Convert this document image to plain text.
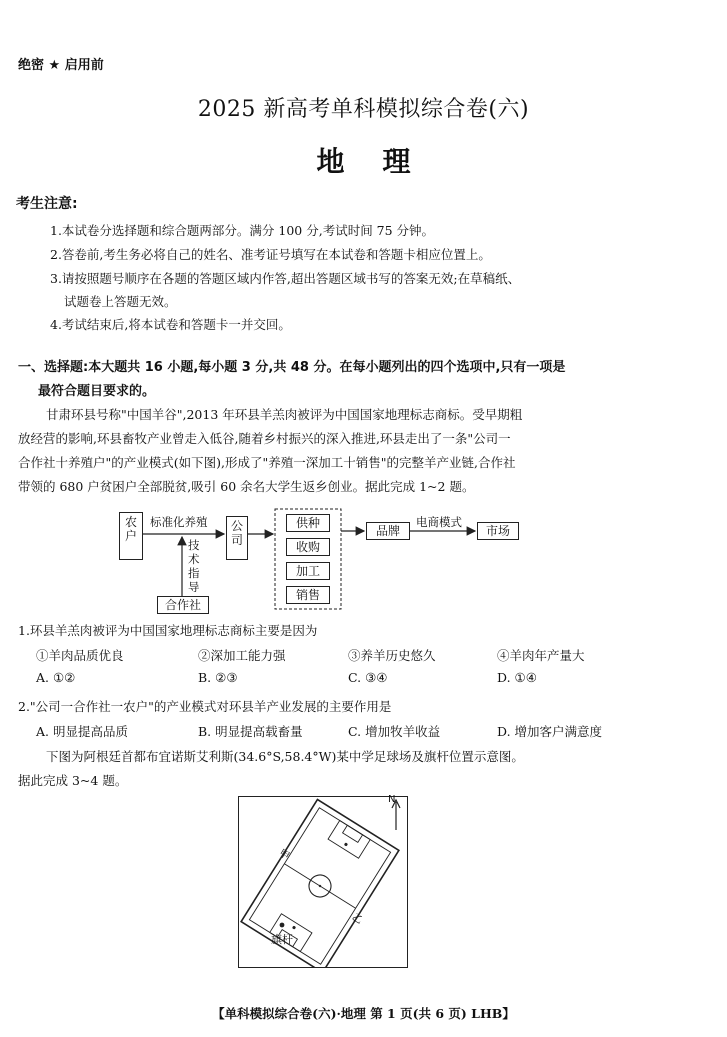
绝密 ★ 启用前
2025 新高考单科模拟综合卷(六)
地理
考生注意:
1.本试卷分选择题和综合题两部分。满分 100 分,考试时间 75 分钟。
2.答卷前,考生务必将自己的姓名、准考证号填写在本试卷和答题卡相应位置上。
3.请按照题号顺序在各题的答题区域内作答,超出答题区域书写的答案无效;在草稿纸、
试题卷上答题无效。
4.考试结束后,将本试卷和答题卡一并交回。
一、选择题:本大题共 16 小题,每小题 3 分,共 48 分。在每小题列出的四个选项中,只有一项是
最符合题目要求的。
甘肃环县号称"中国羊谷",2013 年环县羊羔肉被评为中国国家地理标志商标。受早期粗
放经营的影响,环县畜牧产业曾走入低谷,随着乡村振兴的深入推进,环县走出了一条"公司一
合作社十养殖户"的产业模式(如下图),形成了"养殖一深加工十销售"的完整羊产业链,合作社
带领的 680 户贫困户全部脱贫,吸引 60 余名大学生返乡创业。据此完成 1~2 题。
农户
标准化养殖	公司
技
术
指
导
合作社
供种
收购
加工
销售
品牌
电商模式
市场
1.环县羊羔肉被评为中国国家地理标志商标主要是因为
①羊肉品质优良	②深加工能力强	③养羊历史悠久	④羊肉年产量大
A. ①②	B. ②③	C. ③④	D. ①④
2."公司一合作社一农户"的产业模式对环县羊产业发展的主要作用是
A. 明显提高品质	B. 明显提高载畜量	C. 增加牧羊收益	D. 增加客户满意度
下图为阿根廷首都布宜诺斯艾利斯(34.6°S,58.4°W)某中学足球场及旗杆位置示意图。
据此完成 3~4 题。
N
旗杆
甲
乙
【单科模拟综合卷(六)·地理 第 1 页(共 6 页) LHB】
